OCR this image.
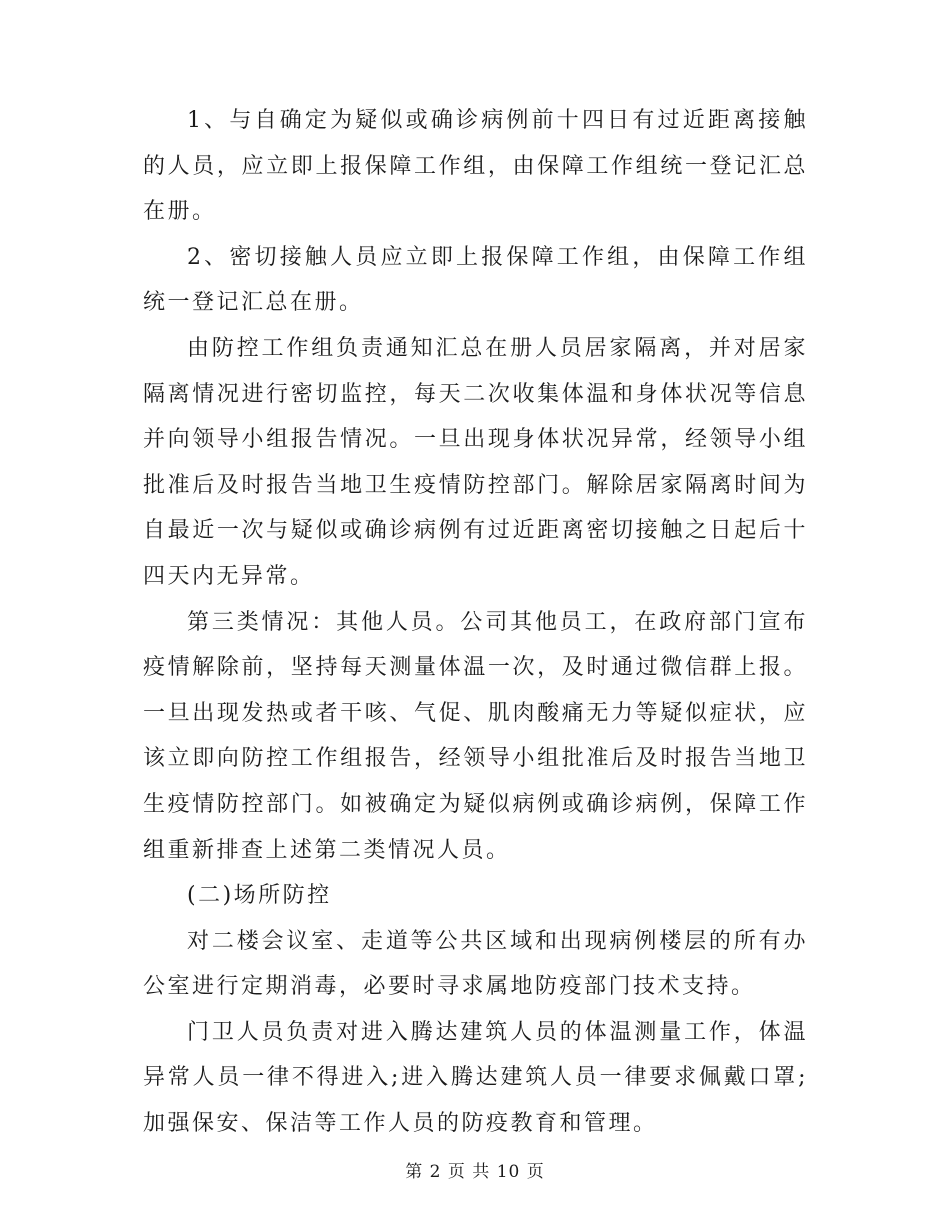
1、与自确定为疑似或确诊病例前十四日有过近距离接触的人员，应立即上报保障工作组，由保障工作组统一登记汇总在册。

2、密切接触人员应立即上报保障工作组，由保障工作组统一登记汇总在册。

由防控工作组负责通知汇总在册人员居家隔离，并对居家隔离情况进行密切监控，每天二次收集体温和身体状况等信息并向领导小组报告情况。一旦出现身体状况异常，经领导小组批准后及时报告当地卫生疫情防控部门。解除居家隔离时间为自最近一次与疑似或确诊病例有过近距离密切接触之日起后十四天内无异常。

第三类情况：其他人员。公司其他员工，在政府部门宣布疫情解除前，坚持每天测量体温一次，及时通过微信群上报。一旦出现发热或者干咳、气促、肌肉酸痛无力等疑似症状，应该立即向防控工作组报告，经领导小组批准后及时报告当地卫生疫情防控部门。如被确定为疑似病例或确诊病例，保障工作组重新排查上述第二类情况人员。

(二)场所防控

对二楼会议室、走道等公共区域和出现病例楼层的所有办公室进行定期消毒，必要时寻求属地防疫部门技术支持。

门卫人员负责对进入腾达建筑人员的体温测量工作，体温异常人员一律不得进入;进入腾达建筑人员一律要求佩戴口罩;加强保安、保洁等工作人员的防疫教育和管理。

第 2 页 共 10 页
